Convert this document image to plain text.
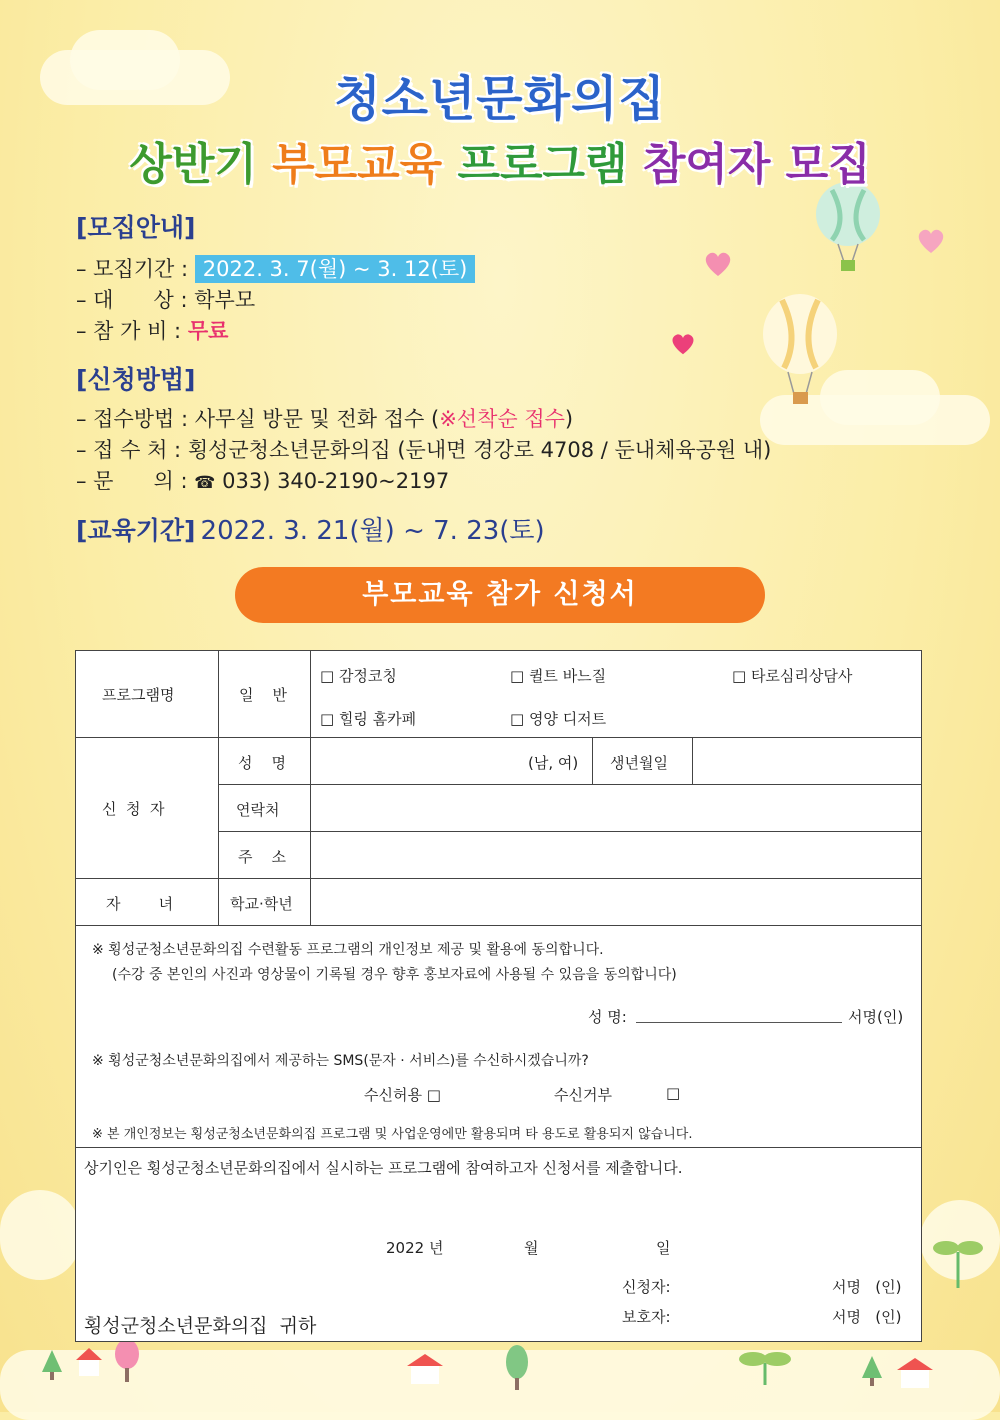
청소년문화의집
상반기 부모교육 프로그램 참여자 모집
[모집안내]
– 모집기간 : 2022. 3. 7(월) ~ 3. 12(토)
– 대      상 : 학부모
– 참 가 비 : 무료
[신청방법]
– 접수방법 : 사무실 방문 및 전화 접수 (※선착순 접수)
– 접 수 처 : 횡성군청소년문화의집 (둔내면 경강로 4708 / 둔내체육공원 내)
– 문      의 : ☎ 033) 340-2190~2197
[교육기간] 2022. 3. 21(월) ~ 7. 23(토)
부모교육 참가 신청서
프로그램명	일    반
□ 감정코칭	□ 퀼트 바느질	□ 타로심리상담사
□ 힐링 홈카페	□ 영양 디저트
신  청  자
성    명	(남, 여) 생년월일
연락처
주    소
자        녀	학교·학년
※ 횡성군청소년문화의집 수련활동 프로그램의 개인정보 제공 및 활용에 동의합니다.
(수강 중 본인의 사진과 영상물이 기록될 경우 향후 홍보자료에 사용될 수 있음을 동의합니다)
성 명:	서명(인)
※ 횡성군청소년문화의집에서 제공하는 SMS(문자 · 서비스)를 수신하시겠습니까?
수신허용 □	수신거부	□
※ 본 개인정보는 횡성군청소년문화의집 프로그램 및 사업운영에만 활용되며 타 용도로 활용되지 않습니다.
상기인은 횡성군청소년문화의집에서 실시하는 프로그램에 참여하고자 신청서를 제출합니다.
2022 년	월	일
신청자:	서명   (인)
보호자:	서명   (인)
횡성군청소년문화의집  귀하
